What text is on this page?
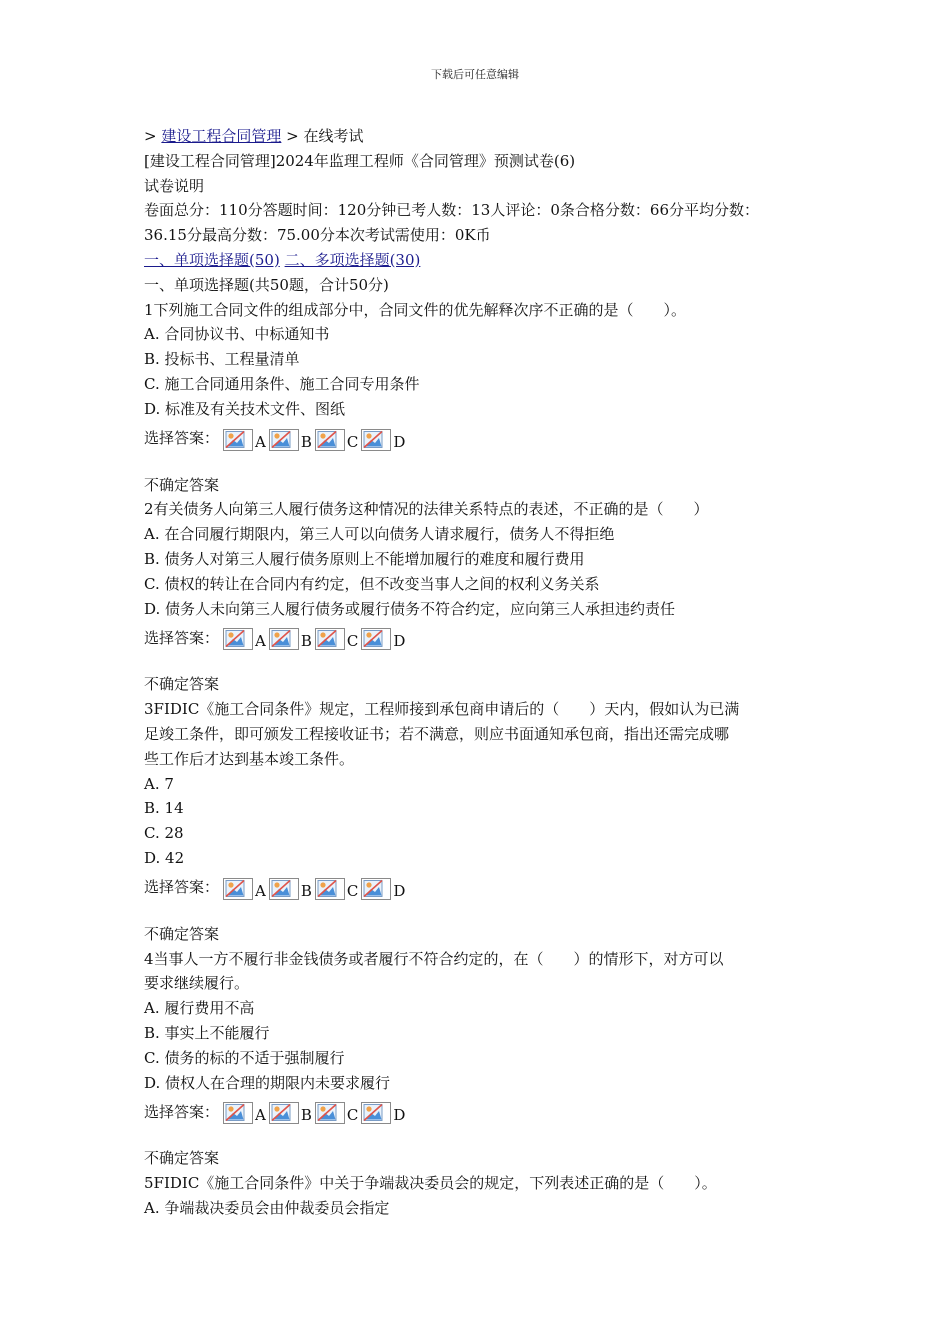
下载后可任意编辑
> 建设工程合同管理 > 在线考试
[建设工程合同管理]2024年监理工程师《合同管理》预测试卷(6)
试卷说明
卷面总分：110分答题时间：120分钟已考人数：13人评论：0条合格分数：66分平均分数：
36.15分最高分数：75.00分本次考试需使用：0K币
一、单项选择题(50) 二、多项选择题(30)
一、单项选择题(共50题，合计50分)
1下列施工合同文件的组成部分中，合同文件的优先解释次序不正确的是（　　）。
A. 合同协议书、中标通知书
B. 投标书、工程量清单
C. 施工合同通用条件、施工合同专用条件
D. 标准及有关技术文件、图纸
选择答案： A B C D
不确定答案
2有关债务人向第三人履行债务这种情况的法律关系特点的表述，不正确的是（　　）
A. 在合同履行期限内，第三人可以向债务人请求履行，债务人不得拒绝
B. 债务人对第三人履行债务原则上不能增加履行的难度和履行费用
C. 债权的转让在合同内有约定，但不改变当事人之间的权利义务关系
D. 债务人未向第三人履行债务或履行债务不符合约定，应向第三人承担违约责任
选择答案： A B C D
不确定答案
3FIDIC《施工合同条件》规定，工程师接到承包商申请后的（　　）天内，假如认为已满
足竣工条件，即可颁发工程接收证书；若不满意，则应书面通知承包商，指出还需完成哪
些工作后才达到基本竣工条件。
A. 7
B. 14
C. 28
D. 42
选择答案： A B C D
不确定答案
4当事人一方不履行非金钱债务或者履行不符合约定的，在（　　）的情形下，对方可以
要求继续履行。
A. 履行费用不高
B. 事实上不能履行
C. 债务的标的不适于强制履行
D. 债权人在合理的期限内未要求履行
选择答案： A B C D
不确定答案
5FIDIC《施工合同条件》中关于争端裁决委员会的规定，下列表述正确的是（　　）。
A. 争端裁决委员会由仲裁委员会指定
